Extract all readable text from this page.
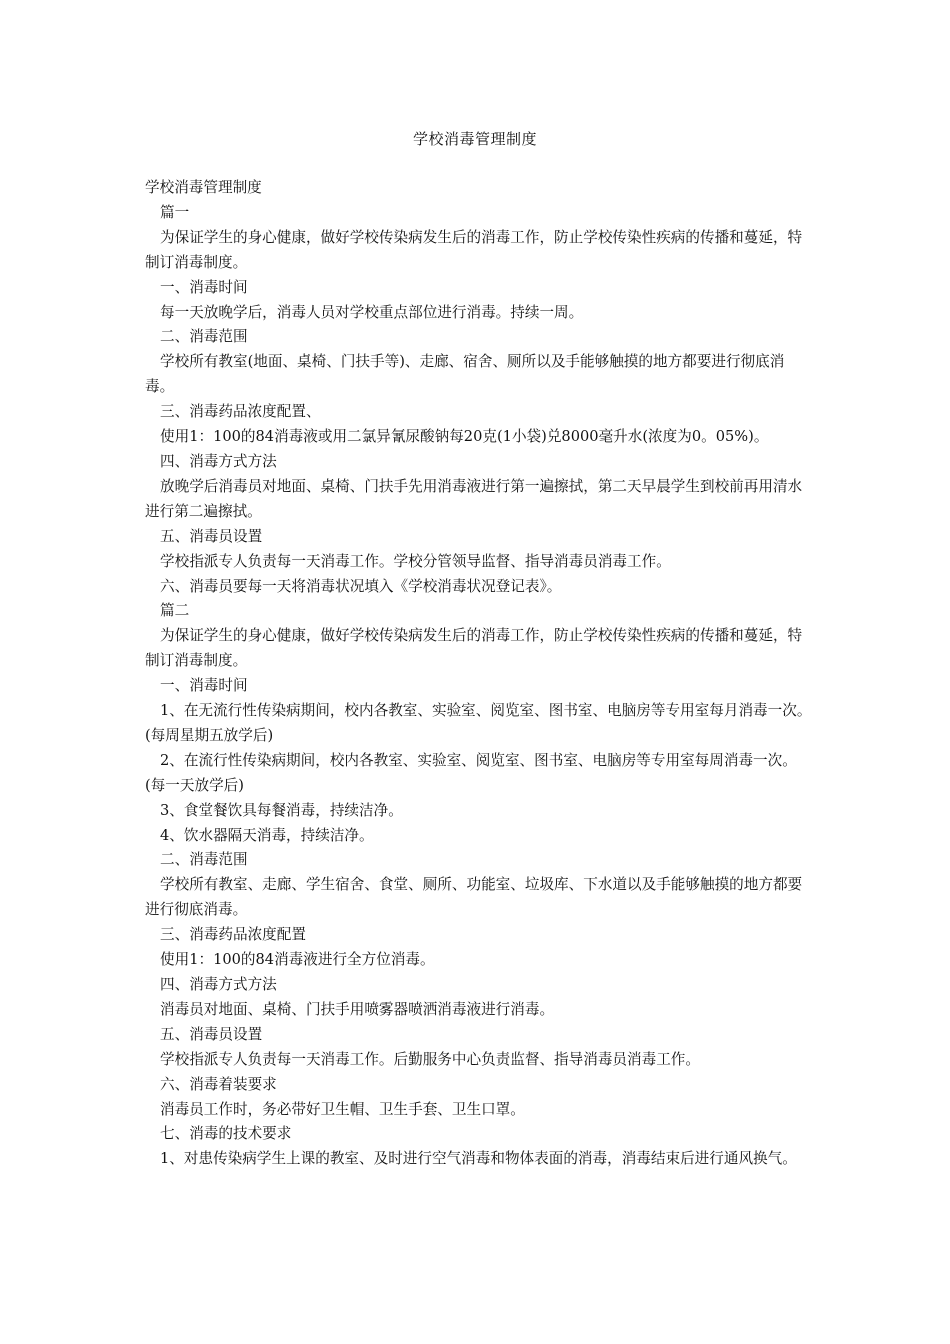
学校消毒管理制度

学校消毒管理制度

篇一

为保证学生的身心健康，做好学校传染病发生后的消毒工作，防止学校传染性疾病的传播和蔓延，特制订消毒制度。

一、消毒时间

每一天放晚学后，消毒人员对学校重点部位进行消毒。持续一周。

二、消毒范围

学校所有教室(地面、桌椅、门扶手等)、走廊、宿舍、厕所以及手能够触摸的地方都要进行彻底消毒。

三、消毒药品浓度配置、

使用1：100的84消毒液或用二氯异氰尿酸钠每20克(1小袋)兑8000毫升水(浓度为0。05%)。

四、消毒方式方法

放晚学后消毒员对地面、桌椅、门扶手先用消毒液进行第一遍擦拭，第二天早晨学生到校前再用清水进行第二遍擦拭。

五、消毒员设置

学校指派专人负责每一天消毒工作。学校分管领导监督、指导消毒员消毒工作。

六、消毒员要每一天将消毒状况填入《学校消毒状况登记表》。

篇二

为保证学生的身心健康，做好学校传染病发生后的消毒工作，防止学校传染性疾病的传播和蔓延，特制订消毒制度。

一、消毒时间

1、在无流行性传染病期间，校内各教室、实验室、阅览室、图书室、电脑房等专用室每月消毒一次。(每周星期五放学后)

2、在流行性传染病期间，校内各教室、实验室、阅览室、图书室、电脑房等专用室每周消毒一次。(每一天放学后)

3、食堂餐饮具每餐消毒，持续洁净。

4、饮水器隔天消毒，持续洁净。

二、消毒范围

学校所有教室、走廊、学生宿舍、食堂、厕所、功能室、垃圾库、下水道以及手能够触摸的地方都要进行彻底消毒。

三、消毒药品浓度配置

使用1：100的84消毒液进行全方位消毒。

四、消毒方式方法

消毒员对地面、桌椅、门扶手用喷雾器喷洒消毒液进行消毒。

五、消毒员设置

学校指派专人负责每一天消毒工作。后勤服务中心负责监督、指导消毒员消毒工作。

六、消毒着装要求

消毒员工作时，务必带好卫生帽、卫生手套、卫生口罩。

七、消毒的技术要求

1、对患传染病学生上课的教室、及时进行空气消毒和物体表面的消毒，消毒结束后进行通风换气。
